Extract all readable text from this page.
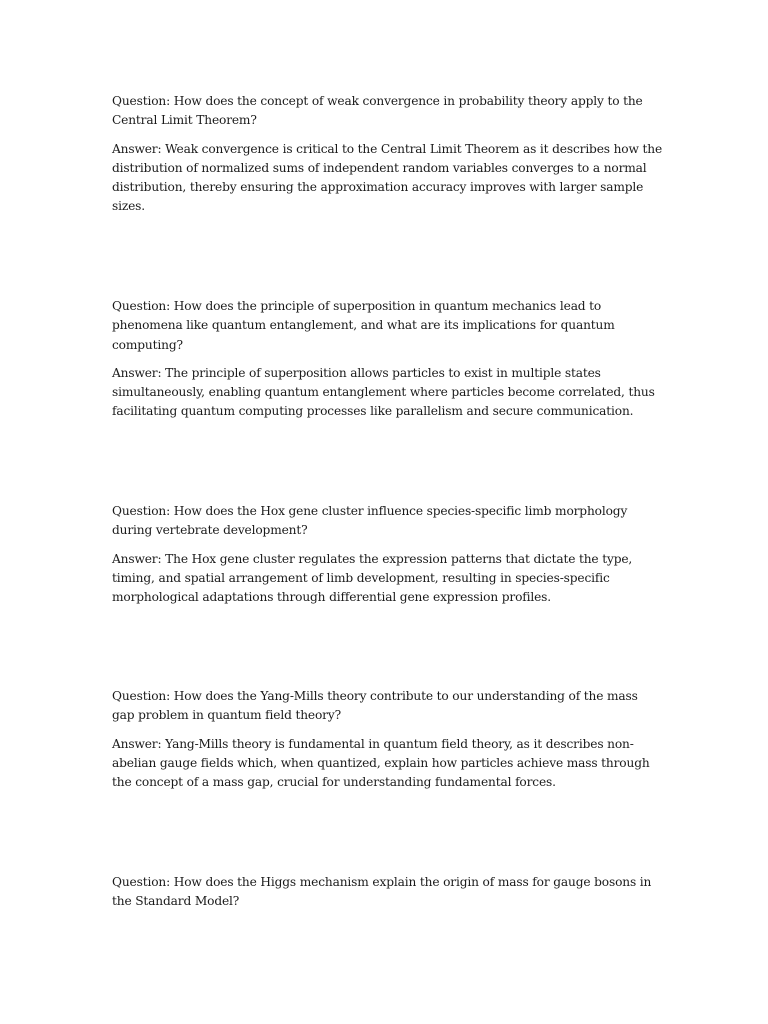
Question: How does the concept of weak convergence in probability theory apply to the Central Limit Theorem?

Answer: Weak convergence is critical to the Central Limit Theorem as it describes how the distribution of normalized sums of independent random variables converges to a normal distribution, thereby ensuring the approximation accuracy improves with larger sample sizes.

Question: How does the principle of superposition in quantum mechanics lead to phenomena like quantum entanglement, and what are its implications for quantum computing?

Answer: The principle of superposition allows particles to exist in multiple states simultaneously, enabling quantum entanglement where particles become correlated, thus facilitating quantum computing processes like parallelism and secure communication.

Question: How does the Hox gene cluster influence species-specific limb morphology during vertebrate development?

Answer: The Hox gene cluster regulates the expression patterns that dictate the type, timing, and spatial arrangement of limb development, resulting in species-specific morphological adaptations through differential gene expression profiles.

Question: How does the Yang-Mills theory contribute to our understanding of the mass gap problem in quantum field theory?

Answer: Yang-Mills theory is fundamental in quantum field theory, as it describes non-abelian gauge fields which, when quantized, explain how particles achieve mass through the concept of a mass gap, crucial for understanding fundamental forces.

Question: How does the Higgs mechanism explain the origin of mass for gauge bosons in the Standard Model?
